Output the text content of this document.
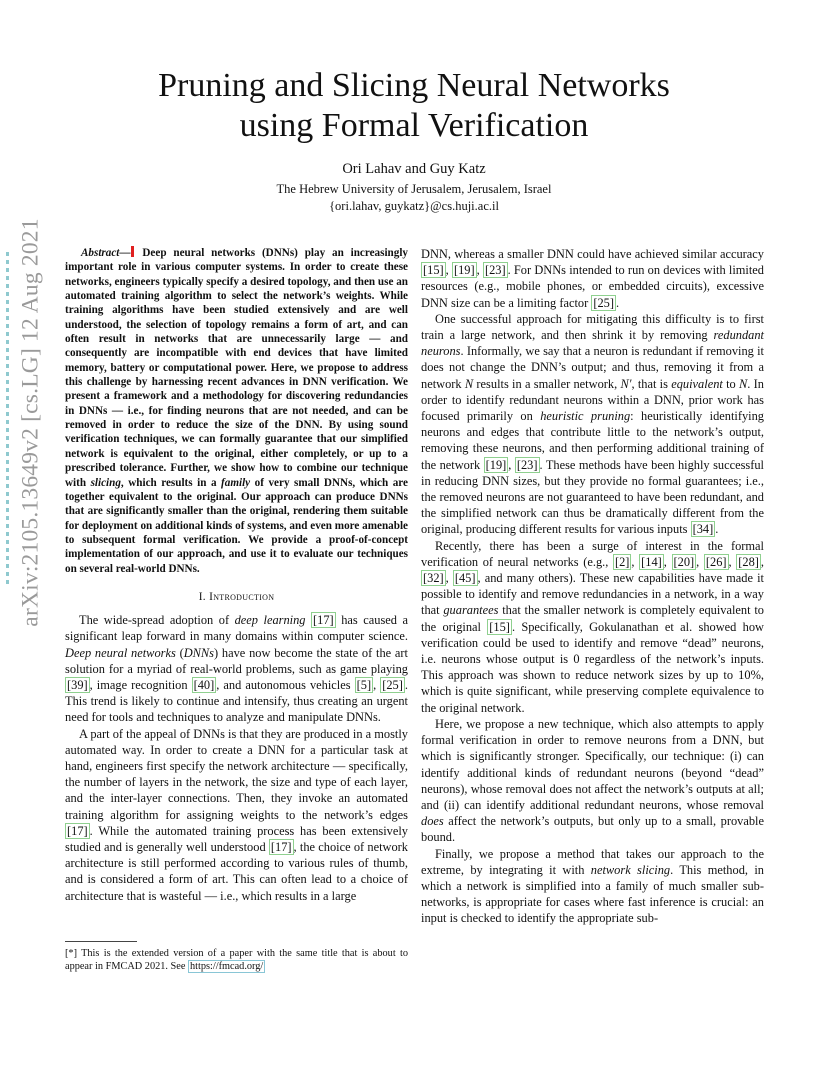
arXiv:2105.13649v2 [cs.LG] 12 Aug 2021
Pruning and Slicing Neural Networks
using Formal Verification
Ori Lahav and Guy Katz
The Hebrew University of Jerusalem, Jerusalem, Israel
{ori.lahav, guykatz}@cs.huji.ac.il

Abstract— Deep neural networks (DNNs) play an increasingly important role in various computer systems. In order to create these networks, engineers typically specify a desired topology, and then use an automated training algorithm to select the network’s weights. While training algorithms have been studied extensively and are well understood, the selection of topology remains a form of art, and can often result in networks that are unnecessarily large — and consequently are incompatible with end devices that have limited memory, battery or computational power. Here, we propose to address this challenge by harnessing recent advances in DNN verification. We present a framework and a methodology for discovering redundancies in DNNs — i.e., for finding neurons that are not needed, and can be removed in order to reduce the size of the DNN. By using sound verification techniques, we can formally guarantee that our simplified network is equivalent to the original, either completely, or up to a prescribed tolerance. Further, we show how to combine our technique with slicing, which results in a family of very small DNNs, which are together equivalent to the original. Our approach can produce DNNs that are significantly smaller than the original, rendering them suitable for deployment on additional kinds of systems, and even more amenable to subsequent formal verification. We provide a proof-of-concept implementation of our approach, and use it to evaluate our techniques on several real-world DNNs.

I. Introduction

The wide-spread adoption of deep learning [17] has caused a significant leap forward in many domains within computer science. Deep neural networks (DNNs) have now become the state of the art solution for a myriad of real-world problems, such as game playing [39] , image recognition [40] , and autonomous vehicles [5] , [25] . This trend is likely to continue and intensify, thus creating an urgent need for tools and techniques to analyze and manipulate DNNs.

A part of the appeal of DNNs is that they are produced in a mostly automated way. In order to create a DNN for a particular task at hand, engineers first specify the network architecture — specifically, the number of layers in the network, the size and type of each layer, and the inter-layer connections. Then, they invoke an automated training algorithm for assigning weights to the network’s edges [17] . While the automated training process has been extensively studied and is generally well understood [17] , the choice of network architecture is still performed according to various rules of thumb, and is considered a form of art. This can often lead to a choice of architecture that is wasteful — i.e., which results in a large

[*] This is the extended version of a paper with the same title that is about to appear in FMCAD 2021. See https://fmcad.org/

DNN, whereas a smaller DNN could have achieved similar accuracy [15] , [19] , [23] . For DNNs intended to run on devices with limited resources (e.g., mobile phones, or embedded circuits), excessive DNN size can be a limiting factor [25] .

One successful approach for mitigating this difficulty is to first train a large network, and then shrink it by removing redundant neurons. Informally, we say that a neuron is redundant if removing it does not change the DNN’s output; and thus, removing it from a network N results in a smaller network, N′, that is equivalent to N. In order to identify redundant neurons within a DNN, prior work has focused primarily on heuristic pruning: heuristically identifying neurons and edges that contribute little to the network’s output, removing these neurons, and then performing additional training of the network [19] , [23] . These methods have been highly successful in reducing DNN sizes, but they provide no formal guarantees; i.e., the removed neurons are not guaranteed to have been redundant, and the simplified network can thus be dramatically different from the original, producing different results for various inputs [34] .

Recently, there has been a surge of interest in the formal verification of neural networks (e.g., [2] , [14] , [20] , [26] , [28] , [32] , [45] , and many others). These new capabilities have made it possible to identify and remove redundancies in a network, in a way that guarantees that the smaller network is completely equivalent to the original [15] . Specifically, Gokulanathan et al. showed how verification could be used to identify and remove “dead” neurons, i.e. neurons whose output is 0 regardless of the network’s inputs. This approach was shown to reduce network sizes by up to 10%, which is quite significant, while preserving complete equivalence to the original network.

Here, we propose a new technique, which also attempts to apply formal verification in order to remove neurons from a DNN, but which is significantly stronger. Specifically, our technique: (i) can identify additional kinds of redundant neurons (beyond “dead” neurons), whose removal does not affect the network’s outputs at all; and (ii) can identify additional redundant neurons, whose removal does affect the network’s outputs, but only up to a small, provable bound.

Finally, we propose a method that takes our approach to the extreme, by integrating it with network slicing. This method, in which a network is simplified into a family of much smaller sub-networks, is appropriate for cases where fast inference is crucial: an input is checked to identify the appropriate sub-
